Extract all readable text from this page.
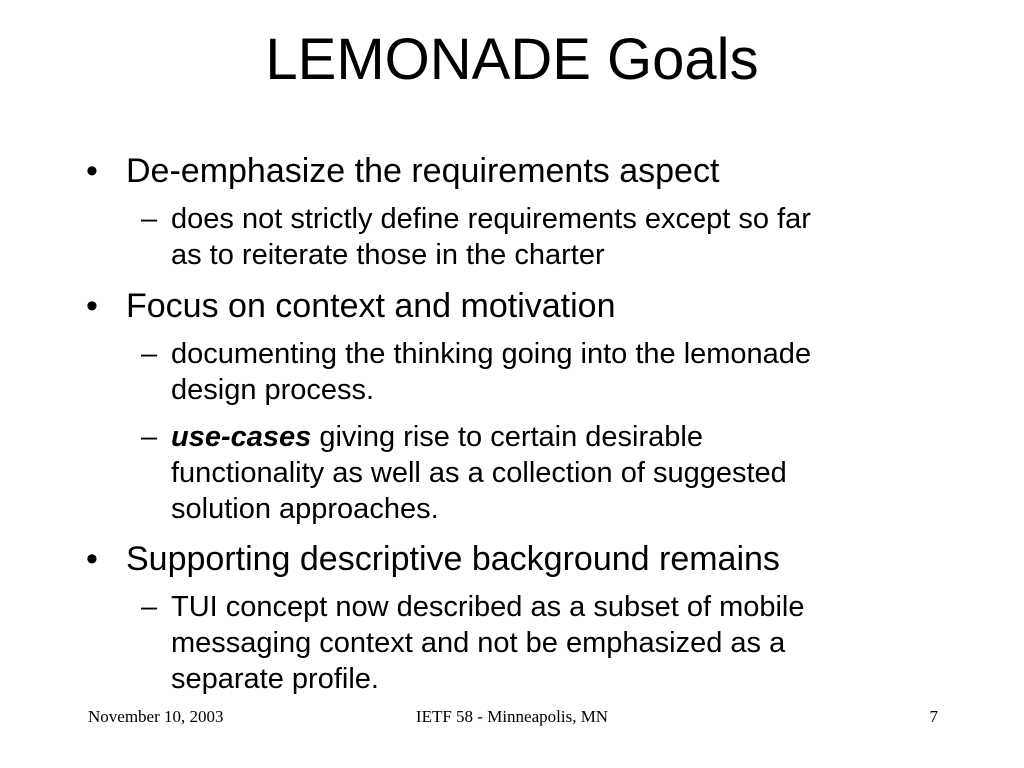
LEMONADE Goals
• De-emphasize the requirements aspect
– does not strictly define requirements except so far
as to reiterate those in the charter
• Focus on context and motivation
– documenting the thinking going into the lemonade
design process.
– use-cases giving rise to certain desirable
functionality as well as a collection of suggested
solution approaches.
• Supporting descriptive background remains
– TUI concept now described as a subset of mobile
messaging context and not be emphasized as a
separate profile.
November 10, 2003	IETF 58 - Minneapolis, MN	7
